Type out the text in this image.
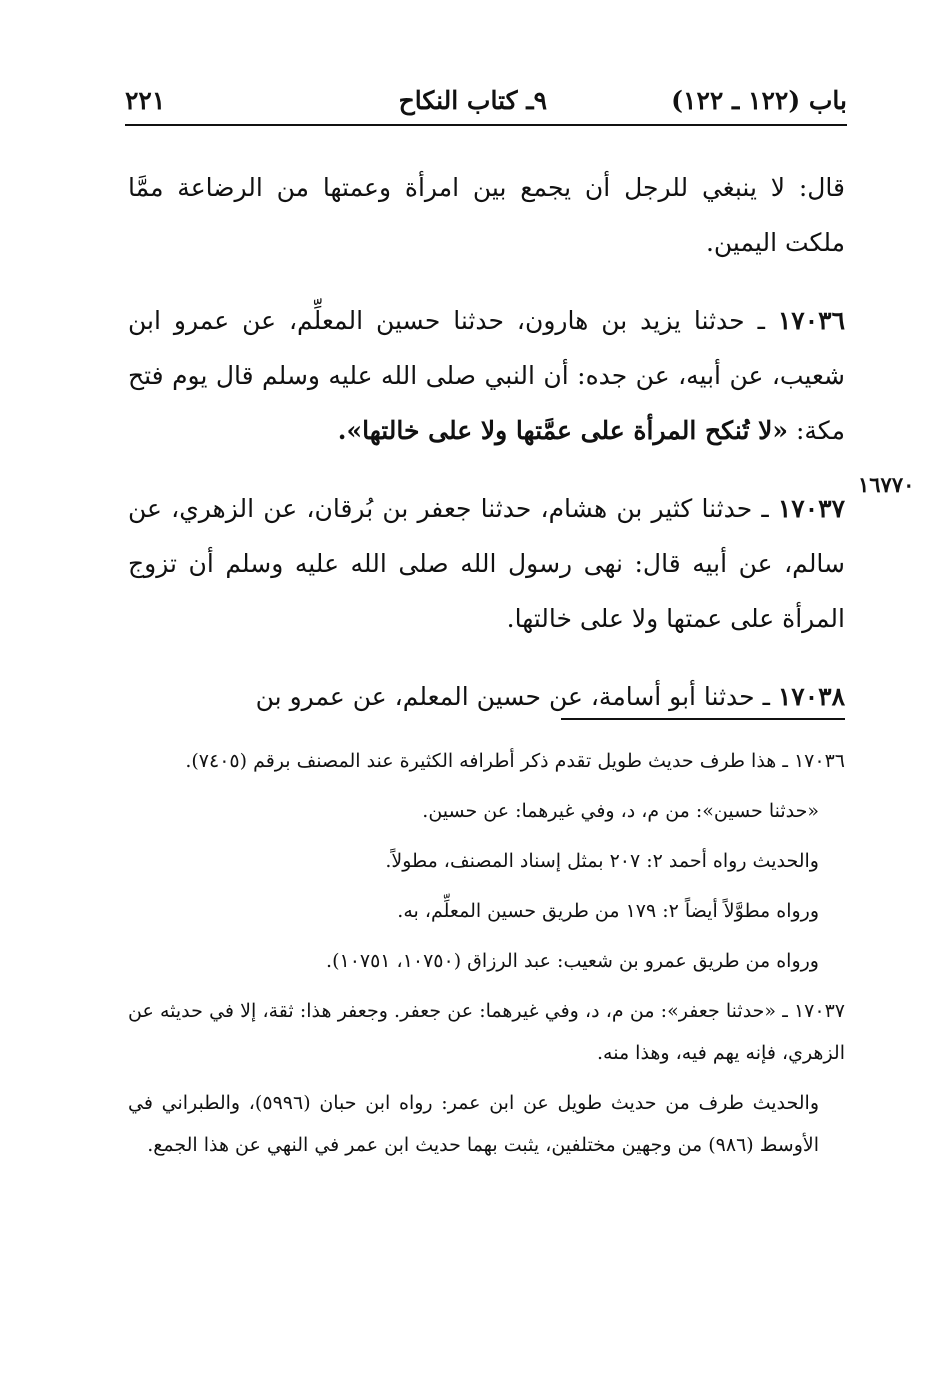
باب (١٢٢ ـ ١٢٢)
٩ـ كتاب النكاح
٢٢١
١٦٧٧٠

قال: لا ينبغي للرجل أن يجمع بين امرأة وعمتها من الرضاعة ممَّا ملكت اليمين.

١٧٠٣٦ ـ حدثنا يزيد بن هارون، حدثنا حسين المعلِّم، عن عمرو ابن شعيب، عن أبيه، عن جده: أن النبي صلى الله عليه وسلم قال يوم فتح مكة: «لا تُنكح المرأة على عمَّتها ولا على خالتها».

١٧٠٣٧ ـ حدثنا كثير بن هشام، حدثنا جعفر بن بُرقان، عن الزهري، عن سالم، عن أبيه قال: نهى رسول الله صلى الله عليه وسلم أن تزوج المرأة على عمتها ولا على خالتها.

١٧٠٣٨ ـ حدثنا أبو أسامة، عن حسين المعلم، عن عمرو بن

١٧٠٣٦ ـ هذا طرف حديث طويل تقدم ذكر أطرافه الكثيرة عند المصنف برقم (٧٤٠٥).

«حدثنا حسين»: من م، د، وفي غيرهما: عن حسين.

والحديث رواه أحمد ٢: ٢٠٧ بمثل إسناد المصنف، مطولاً.

ورواه مطوَّلاً أيضاً ٢: ١٧٩ من طريق حسين المعلِّم، به.

ورواه من طريق عمرو بن شعيب: عبد الرزاق (١٠٧٥٠، ١٠٧٥١).

١٧٠٣٧ ـ «حدثنا جعفر»: من م، د، وفي غيرهما: عن جعفر. وجعفر هذا: ثقة، إلا في حديثه عن الزهري، فإنه يهم فيه، وهذا منه.

والحديث طرف من حديث طويل عن ابن عمر: رواه ابن حبان (٥٩٩٦)، والطبراني في الأوسط (٩٨٦) من وجهين مختلفين، يثبت بهما حديث ابن عمر في النهي عن هذا الجمع.
